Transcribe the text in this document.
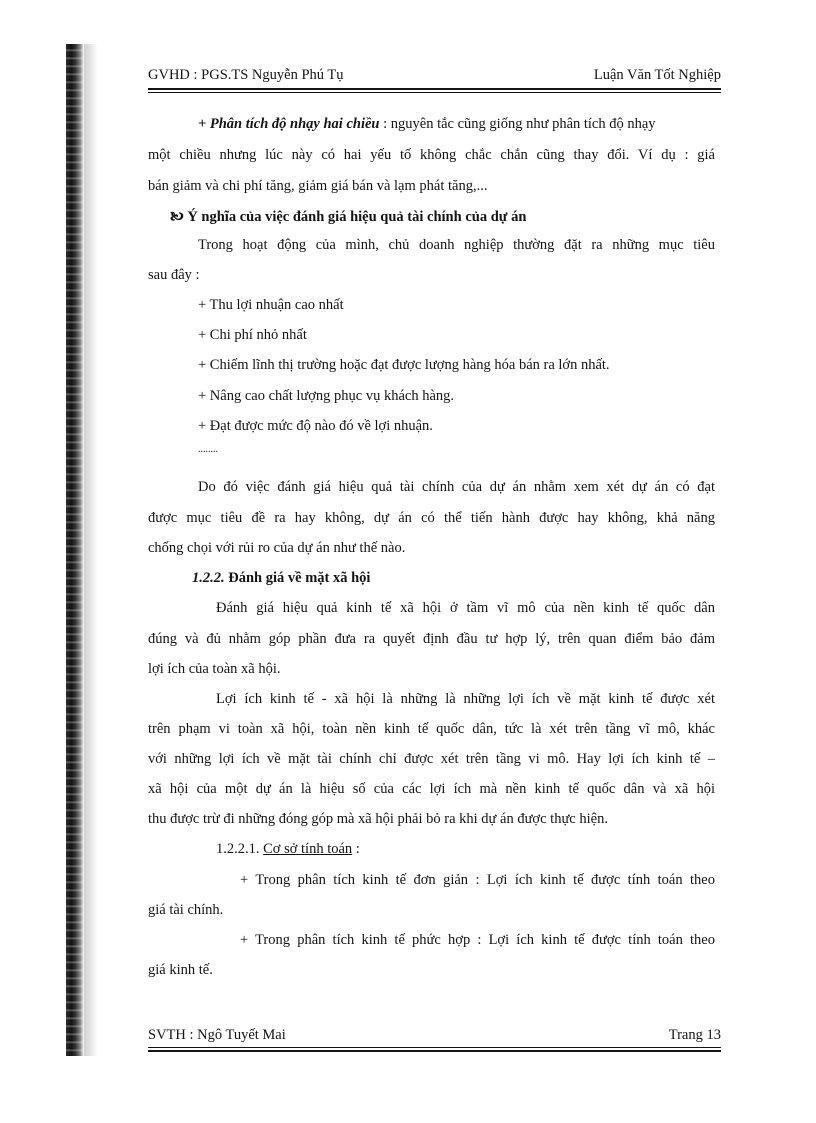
GVHD : PGS.TS Nguyễn Phú Tụ	Luận Văn Tốt Nghiệp
+ Phân tích độ nhạy hai chiều : nguyên tắc cũng giống như phân tích độ nhạy
một chiều nhưng lúc này có hai yếu tố không chắc chắn cũng thay đổi. Ví dụ : giá
bán giảm và chi phí tăng, giảm giá bán và lạm phát tăng,...
🙤 Ý nghĩa của việc đánh giá hiệu quả tài chính của dự án
Trong hoạt động của mình, chủ doanh nghiệp thường đặt ra những mục tiêu
sau đây :
+ Thu lợi nhuận cao nhất
+ Chi phí nhỏ nhất
+ Chiếm lĩnh thị trường hoặc đạt được lượng hàng hóa bán ra lớn nhất.
+ Nâng cao chất lượng phục vụ khách hàng.
+ Đạt được mức độ nào đó về lợi nhuận.
........
Do đó việc đánh giá hiệu quả tài chính của dự án nhằm xem xét dự án có đạt
được mục tiêu đề ra hay không, dự án có thể tiến hành được hay không, khả năng
chống chọi với rủi ro của dự án như thế nào.
1.2.2. Đánh giá về mặt xã hội
Đánh giá hiệu quả kinh tế xã hội ở tầm vĩ mô của nền kinh tế quốc dân
đúng và đủ nhằm góp phần đưa ra quyết định đầu tư hợp lý, trên quan điểm bảo đảm
lợi ích của toàn xã hội.
Lợi ích kinh tế - xã hội là những là những lợi ích về mặt kinh tế được xét
trên phạm vi toàn xã hội, toàn nền kinh tế quốc dân, tức là xét trên tầng vĩ mô, khác
với những lợi ích về mặt tài chính chỉ được xét trên tầng vi mô. Hay lợi ích kinh tế –
xã hội của một dự án là hiệu số của các lợi ích mà nền kinh tế quốc dân và xã hội
thu được trừ đi những đóng góp mà xã hội phải bỏ ra khi dự án được thực hiện.
1.2.2.1. Cơ sở tính toán :
+ Trong phân tích kinh tế đơn giản : Lợi ích kinh tế được tính toán theo
giá tài chính.
+ Trong phân tích kinh tế phức hợp : Lợi ích kinh tế được tính toán theo
giá kinh tế.
SVTH : Ngô Tuyết Mai	Trang 13
